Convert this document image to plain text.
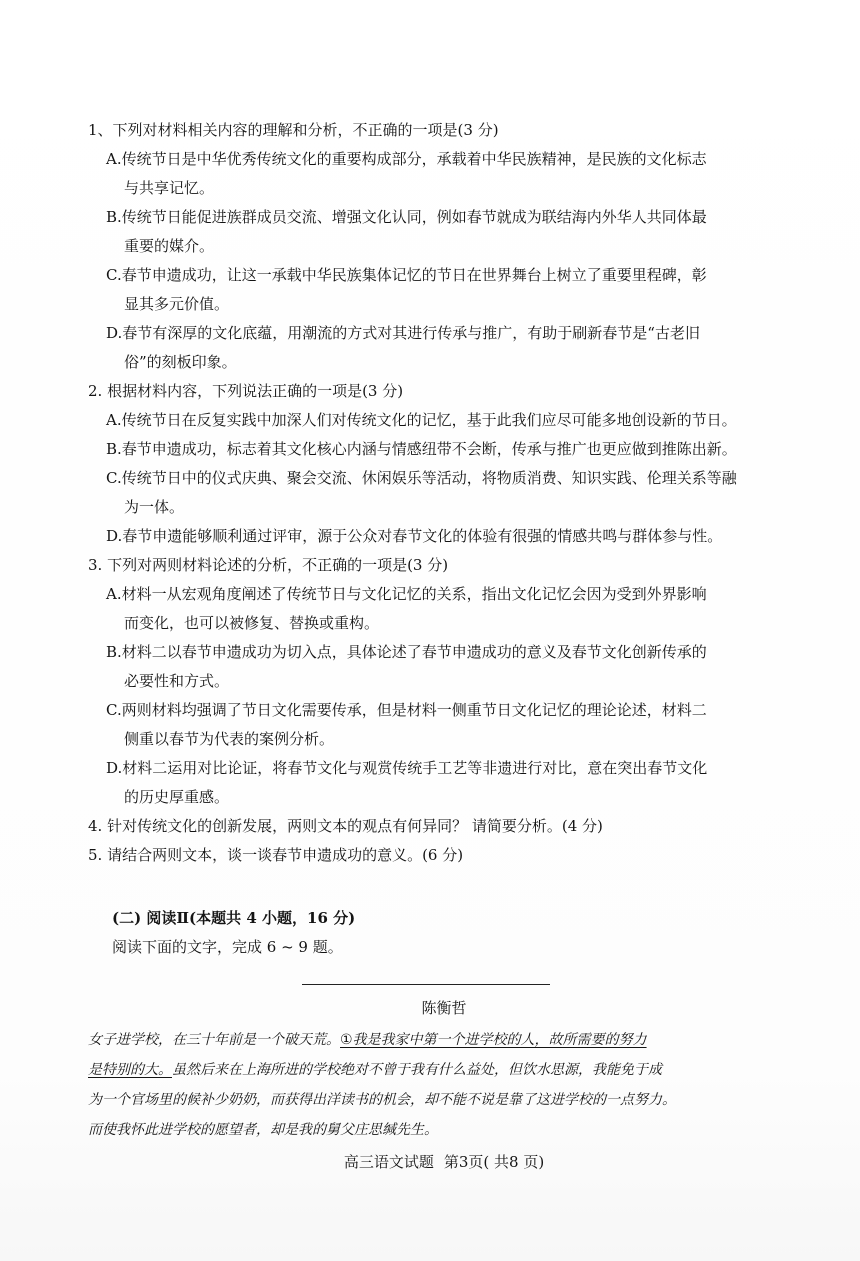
1、下列对材料相关内容的理解和分析，不正确的一项是(3 分)
A.传统节日是中华优秀传统文化的重要构成部分，承载着中华民族精神，是民族的文化标志
与共享记忆。
B.传统节日能促进族群成员交流、增强文化认同，例如春节就成为联结海内外华人共同体最
重要的媒介。
C.春节申遗成功，让这一承载中华民族集体记忆的节日在世界舞台上树立了重要里程碑，彰
显其多元价值。
D.春节有深厚的文化底蕴，用潮流的方式对其进行传承与推广，有助于刷新春节是“古老旧
俗”的刻板印象。
2. 根据材料内容，下列说法正确的一项是(3 分)
A.传统节日在反复实践中加深人们对传统文化的记忆，基于此我们应尽可能多地创设新的节日。
B.春节申遗成功，标志着其文化核心内涵与情感纽带不会断，传承与推广也更应做到推陈出新。
C.传统节日中的仪式庆典、聚会交流、休闲娱乐等活动，将物质消费、知识实践、伦理关系等融
为一体。
D.春节申遗能够顺利通过评审，源于公众对春节文化的体验有很强的情感共鸣与群体参与性。
3. 下列对两则材料论述的分析，不正确的一项是(3 分)
A.材料一从宏观角度阐述了传统节日与文化记忆的关系，指出文化记忆会因为受到外界影响
而变化，也可以被修复、替换或重构。
B.材料二以春节申遗成功为切入点，具体论述了春节申遗成功的意义及春节文化创新传承的
必要性和方式。
C.两则材料均强调了节日文化需要传承，但是材料一侧重节日文化记忆的理论论述，材料二
侧重以春节为代表的案例分析。
D.材料二运用对比论证，将春节文化与观赏传统手工艺等非遗进行对比，意在突出春节文化
的历史厚重感。
4. 针对传统文化的创新发展，两则文本的观点有何异同？ 请简要分析。(4 分)
5. 请结合两则文本，谈一谈春节申遗成功的意义。(6 分)
(二) 阅读Ⅱ(本题共 4 小题，16 分)
阅读下面的文字，完成 6 ~ 9 题。
陈衡哲
女子进学校，在三十年前是一个破天荒。①我是我家中第一个进学校的人，故所需要的努力
是特别的大。虽然后来在上海所进的学校绝对不曾于我有什么益处，但饮水思源，我能免于成
为一个官场里的候补少奶奶，而获得出洋读书的机会，却不能不说是靠了这进学校的一点努力。
而使我怀此进学校的愿望者，却是我的舅父庄思缄先生。
高三语文试题 第3页( 共8 页)
